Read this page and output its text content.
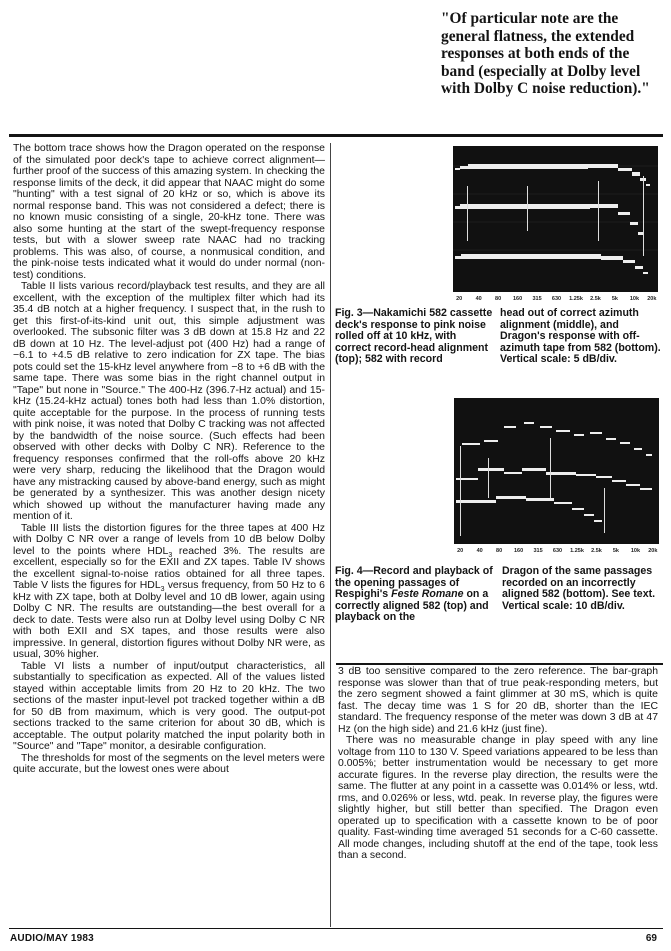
"Of particular note are the general flatness, the extended responses at both ends of the band (especially at Dolby level with Dolby C noise reduction)."

The bottom trace shows how the Dragon operated on the response of the simulated poor deck's tape to achieve correct alignment—further proof of the success of this amazing system. In checking the response limits of the deck, it did appear that NAAC might do some "hunting" with a test signal of 20 kHz or so, which is above its normal response band. This was not considered a defect; there is no known music consisting of a single, 20-kHz tone. There was also some hunting at the start of the swept-frequency response tests, but with a slower sweep rate NAAC had no tracking problems. This was also, of course, a nonmusical condition, and the pink-noise tests indicated what it would do under normal (non-test) conditions.

Table II lists various record/playback test results, and they are all excellent, with the exception of the multiplex filter which had its 35.4 dB notch at a higher frequency. I suspect that, in the rush to get this first-of-its-kind unit out, this simple adjustment was overlooked. The subsonic filter was 3 dB down at 15.8 Hz and 22 dB down at 10 Hz. The level-adjust pot (400 Hz) had a range of −6.1 to +4.5 dB relative to zero indication for ZX tape. The bias pots could set the 15-kHz level anywhere from −8 to +6 dB with the same tape. There was some bias in the right channel output in "Tape" but none in "Source." The 400-Hz (396.7-Hz actual) and 15-kHz (15.24-kHz actual) tones both had less than 1.0% distortion, quite acceptable for the purpose. In the process of running tests with pink noise, it was noted that Dolby C tracking was not affected by the bandwidth of the noise source. (Such effects had been observed with other decks with Dolby C NR). Reference to the frequency responses confirmed that the roll-offs above 20 kHz were very sharp, reducing the likelihood that the Dragon would have any mistracking caused by above-band energy, such as might be generated by a synthesizer. This was another design nicety which showed up without the manufacturer having made any mention of it.

Table III lists the distortion figures for the three tapes at 400 Hz with Dolby C NR over a range of levels from 10 dB below Dolby level to the points where $HDL_3$ reached 3%. The results are excellent, especially so for the EXII and ZX tapes. Table IV shows the excellent signal-to-noise ratios obtained for all three tapes. Table V lists the figures for $HDL_3$ versus frequency, from 50 Hz to 6 kHz with ZX tape, both at Dolby level and 10 dB lower, again using Dolby C NR. The results are outstanding—the best overall for a deck to date. Tests were also run at Dolby level using Dolby C NR with both EXII and SX tapes, and those results were also impressive. In general, distortion figures without Dolby NR were, as usual, 30% higher.

Table VI lists a number of input/output characteristics, all substantially to specification as expected. All of the values listed stayed within acceptable limits from 20 Hz to 20 kHz. The two sections of the master input-level pot tracked together within a dB for 50 dB from maximum, which is very good. The output-pot sections tracked to the same criterion for about 30 dB, which is acceptable. The output polarity matched the input polarity both in "Source" and "Tape" monitor, a desirable configuration.

The thresholds for most of the segments on the level meters were quite accurate, but the lowest ones were about

20 40 80 160 315 630 1.25k 2.5k 5k 10k 20k
Fig. 3—Nakamichi 582 cassette deck's response to pink noise rolled off at 10 kHz, with correct record-head alignment (top); 582 with record
head out of correct azimuth alignment (middle), and Dragon's response with off-azimuth tape from 582 (bottom). Vertical scale: 5 dB/div.
20 40 80 160 315 630 1.25k 2.5k 5k 10k 20k
Fig. 4—Record and playback of the opening passages of Respighi's Feste Romane on a correctly aligned 582 (top) and playback on the
Dragon of the same passages recorded on an incorrectly aligned 582 (bottom). See text. Vertical scale: 10 dB/div.

3 dB too sensitive compared to the zero reference. The bar-graph response was slower than that of true peak-responding meters, but the zero segment showed a faint glimmer at 30 mS, which is quite fast. The decay time was 1 S for 20 dB, shorter than the IEC standard. The frequency response of the meter was down 3 dB at 47 Hz (on the high side) and 21.6 kHz (just fine).

There was no measurable change in play speed with any line voltage from 110 to 130 V. Speed variations appeared to be less than 0.005%; better instrumentation would be necessary to get more accurate figures. In the reverse play direction, the results were the same. The flutter at any point in a cassette was 0.014% or less, wtd. rms, and 0.026% or less, wtd. peak. In reverse play, the figures were slightly higher, but still better than specified. The Dragon even operated up to specification with a cassette known to be of poor quality. Fast-winding time averaged 51 seconds for a C-60 cassette. All mode changes, including shutoff at the end of the tape, took less than a second.

AUDIO/MAY 1983	69
